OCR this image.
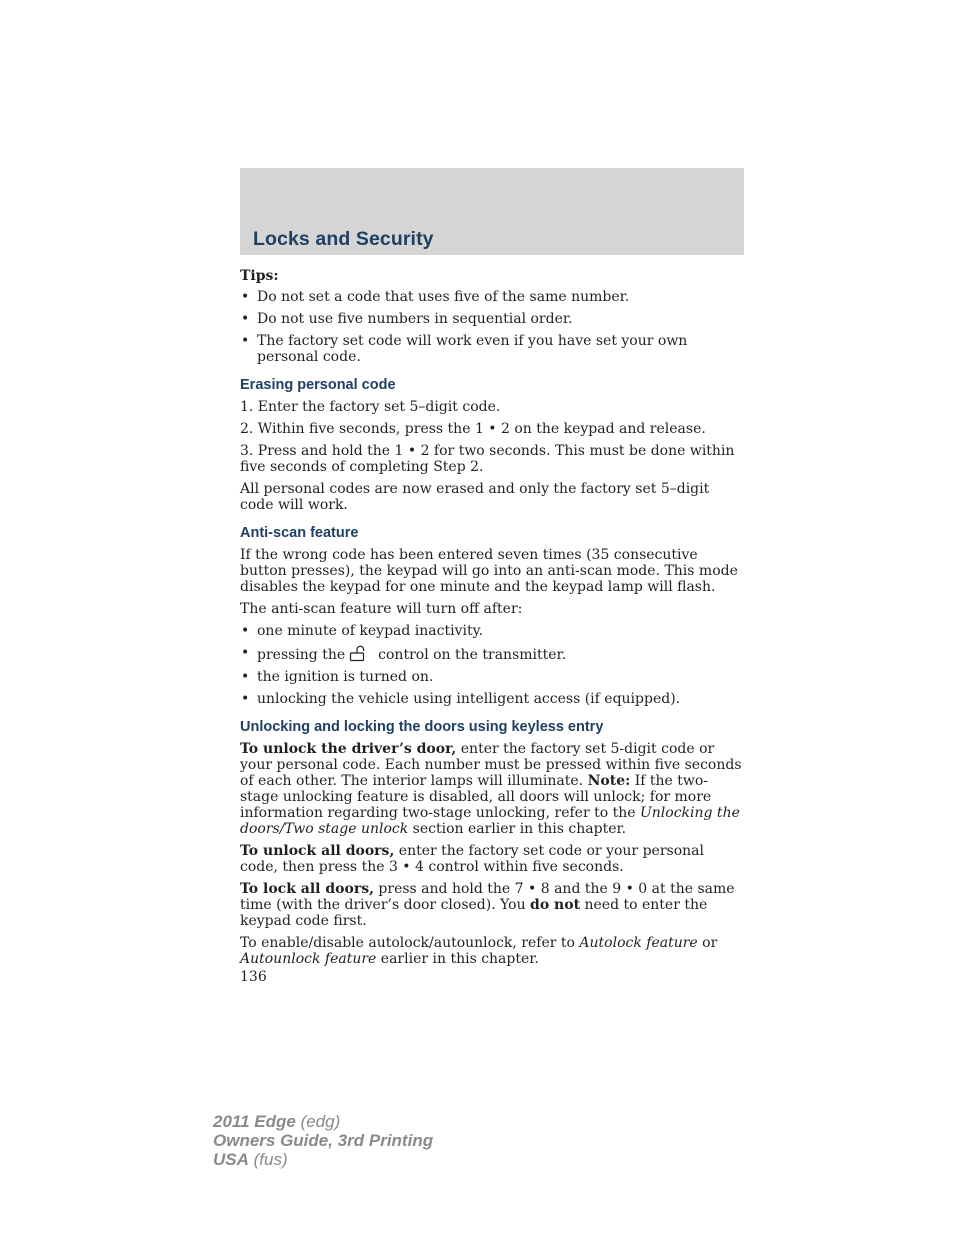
Locks and Security

Tips:

• Do not set a code that uses five of the same number.
• Do not use five numbers in sequential order.
• The factory set code will work even if you have set your own personal code.
Erasing personal code

1. Enter the factory set 5–digit code.

2. Within five seconds, press the 1 • 2 on the keypad and release.

3. Press and hold the 1 • 2 for two seconds. This must be done within five seconds of completing Step 2.

All personal codes are now erased and only the factory set 5–digit code will work.

Anti-scan feature

If the wrong code has been entered seven times (35 consecutive button presses), the keypad will go into an anti-scan mode. This mode disables the keypad for one minute and the keypad lamp will flash.

The anti-scan feature will turn off after:

• one minute of keypad inactivity.
• pressing the control on the transmitter.
• the ignition is turned on.
• unlocking the vehicle using intelligent access (if equipped).
Unlocking and locking the doors using keyless entry

To unlock the driver’s door, enter the factory set 5-digit code or your personal code. Each number must be pressed within five seconds of each other. The interior lamps will illuminate. Note: If the two-stage unlocking feature is disabled, all doors will unlock; for more information regarding two-stage unlocking, refer to the Unlocking the doors/Two stage unlock section earlier in this chapter.

To unlock all doors, enter the factory set code or your personal code, then press the 3 • 4 control within five seconds.

To lock all doors, press and hold the 7 • 8 and the 9 • 0 at the same time (with the driver’s door closed). You do not need to enter the keypad code first.

To enable/disable autolock/autounlock, refer to Autolock feature or Autounlock feature earlier in this chapter.

136

2011 Edge (edg)
Owners Guide, 3rd Printing
USA (fus)
